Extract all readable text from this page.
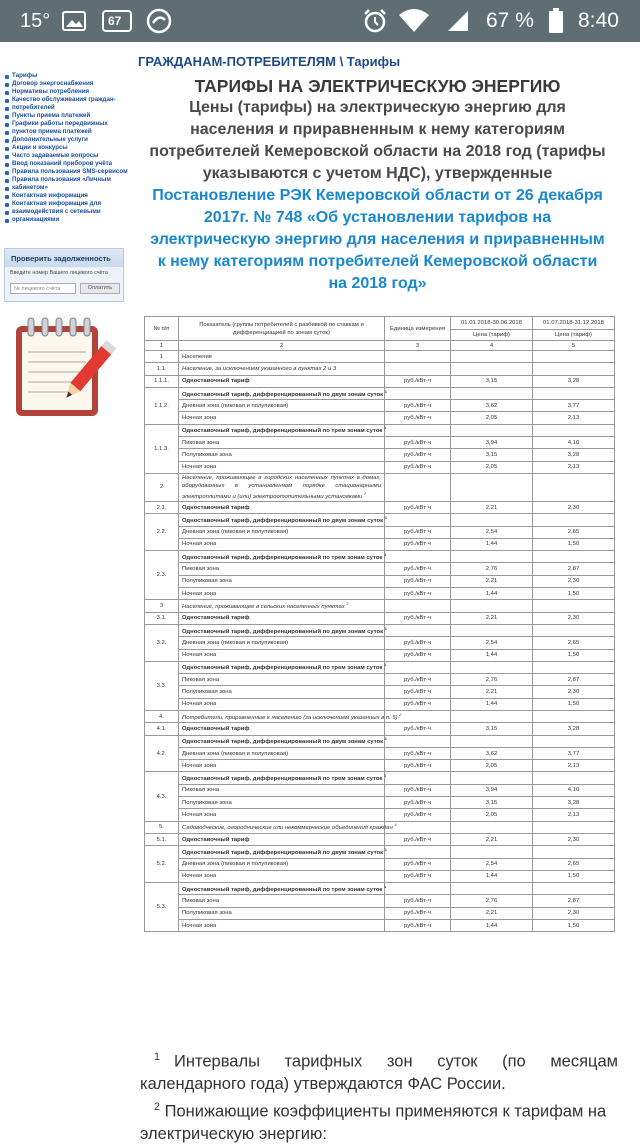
15°	67	67 % 8:40
ГРАЖДАНАМ-ПОТРЕБИТЕЛЯМ \ Тарифы
Тарифы
Договор энергоснабжения
Нормативы потребления
Качество обслуживания граждан-
потребителей
Пункты приема платежей
Графики работы передвижных
пунктов приема платежей
Дополнительные услуги
Акции и конкурсы
Часто задаваемые вопросы
Ввод показаний приборов учёта
Правила пользования SMS-сервисом
Правила пользования «Личным
кабинетом»
Контактная информация
Контактная информация для
взаимодействия с сетевыми
организациями
Проверить задолженность
Введите номер Вашего лицевого счёта
№ лицевого счёта	Оплатить
ТАРИФЫ НА ЭЛЕКТРИЧЕСКУЮ ЭНЕРГИЮ
Цены (тарифы) на электрическую энергию для
населения и приравненным к нему категориям
потребителей Кемеровской области на 2018 год (тарифы
указываются с учетом НДС), утвержденные
Постановление РЭК Кемеровской области от 26 декабря
2017г. № 748 «Об установлении тарифов на
электрическую энергию для населения и приравненным
к нему категориям потребителей Кемеровской области
на 2018 год»
№ п/п	Показатель (группы потребителей с разбивкой по ставкам и дифференциацией по зонам суток)	Единица измерения	01.01.2018-30.06.2018	01.07.2018-31.12.2018
			Цена (тариф)	Цена (тариф)
1	2	3	4	5
1	Население			
1.1.	Население, за исключением указанного в пунктах 2 и 3			
1.1.1.	Одноставочный тариф	руб./кВт·ч	3,15	3,28
1.1.2.	Одноставочный тариф, дифференцированный по двум зонам суток $^1$			
	Дневная зона (пиковая и полупиковая)	руб./кВт·ч	3,62	3,77
	Ночная зона	руб./кВт·ч	2,05	2,13
1.1.3.	Одноставочный тариф, дифференцированный по трем зонам суток $^1$			
	Пиковая зона	руб./кВт·ч	3,94	4,10
	Полупиковая зона	руб./кВт·ч	3,15	3,28
	Ночная зона	руб./кВт·ч	2,05	2,13
2	Население, проживающее в городских населенных пунктах в домах, оборудованных в установленном порядке стационарными электроплитами и (или) электроотопительными установками $^2$			
2.1.	Одноставочный тариф	руб./кВт·ч	2,21	2,30
2.2.	Одноставочный тариф, дифференцированный по двум зонам суток $^1$			
	Дневная зона (пиковая и полупиковая)	руб./кВт·ч	2,54	2,65
	Ночная зона	руб./кВт·ч	1,44	1,50
2.3.	Одноставочный тариф, дифференцированный по трем зонам суток $^1$			
	Пиковая зона	руб./кВт·ч	2,76	2,87
	Полупиковая зона	руб./кВт·ч	2,21	2,30
	Ночная зона	руб./кВт·ч	1,44	1,50
3	Население, проживающее в сельских населенных пунктах $^2$			
3.1.	Одноставочный тариф	руб./кВт·ч	2,21	2,30
3.2.	Одноставочный тариф, дифференцированный по двум зонам суток $^1$			
	Дневная зона (пиковая и полупиковая)	руб./кВт·ч	2,54	2,65
	Ночная зона	руб./кВт·ч	1,44	1,50
3.3.	Одноставочный тариф, дифференцированный по трем зонам суток $^1$			
	Пиковая зона	руб./кВт·ч	2,76	2,87
	Полупиковая зона	руб./кВт·ч	2,21	2,30
	Ночная зона	руб./кВт·ч	1,44	1,50
4.	Потребители, приравненные к населению (за исключением указанных в п. 5) $^2$			
4.1.	Одноставочный тариф	руб./кВт·ч	3,15	3,28
4.2.	Одноставочный тариф, дифференцированный по двум зонам суток $^1$			
	Дневная зона (пиковая и полупиковая)	руб./кВт·ч	3,62	3,77
	Ночная зона	руб./кВт·ч	2,05	2,13
4.3.	Одноставочный тариф, дифференцированный по трем зонам суток $^1$			
	Пиковая зона	руб./кВт·ч	3,94	4,10
	Полупиковая зона	руб./кВт·ч	3,15	3,28
	Ночная зона	руб./кВт·ч	2,05	2,13
5.	Садоводческие, огороднические или некоммерческие объединения граждан $^4$			
5.1.	Одноставочный тариф	руб./кВт·ч	2,21	2,30
5.2.	Одноставочный тариф, дифференцированный по двум зонам суток $^1$			
	Дневная зона (пиковая и полупиковая)	руб./кВт·ч	2,54	2,65
	Ночная зона	руб./кВт·ч	1,44	1,50
5.3.	Одноставочный тариф, дифференцированный по трем зонам суток $^1$			
	Пиковая зона	руб./кВт·ч	2,76	2,87
	Полупиковая зона	руб./кВт·ч	2,21	2,30
	Ночная зона	руб./кВт·ч	1,44	1,50
$^1$ Интервалы тарифных зон суток (по месяцам календарного года) утверждаются ФАС России.
$^2$ Понижающие коэффициенты применяются к тарифам на электрическую энергию:
